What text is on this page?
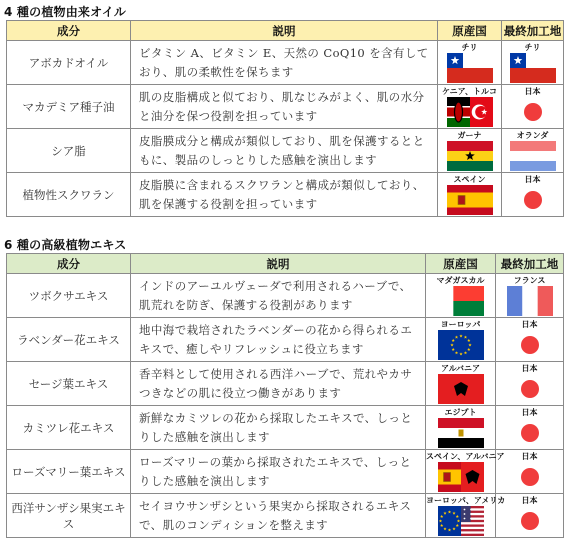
4 種の植物由来オイル
成分	説明	原産国	最終加工地
アボカドオイル	ビタミン A、ビタミン E、天然の CoQ10 を含有しており、肌の柔軟性を保ちます	チリ	チリ

マカデミア種子油	肌の皮脂構成と似ており、肌なじみがよく、肌の水分と油分を保つ役割を担っています	ケニア、トルコ	日本

シア脂	皮脂膜成分と構成が類似しており、肌を保護するとともに、製品のしっとりした感触を演出します	ガーナ	オランダ

植物性スクワラン	皮脂膜に含まれるスクワランと構成が類似しており、肌を保護する役割を担っています	スペイン	日本
6 種の高級植物エキス
成分	説明	原産国	最終加工地
ツボクサエキス	インドのアーユルヴェーダで利用されるハーブで、肌荒れを防ぎ、保護する役割があります	マダガスカル	フランス

ラベンダー花エキス	地中海で栽培されたラベンダーの花から得られるエキスで、癒しやリフレッシュに役立ちます	ヨーロッパ	日本

セージ葉エキス	香辛料として使用される西洋ハーブで、荒れやカサつきなどの肌に役立つ働きがあります	アルバニア	日本

カミツレ花エキス	新鮮なカミツレの花から採取したエキスで、しっとりした感触を演出します	エジプト	日本

ローズマリー葉エキス	ローズマリーの葉から採取されたエキスで、しっとりした感触を演出します	スペイン、アルバニア	日本

西洋サンザシ果実エキス	セイヨウサンザシという果実から採取されるエキスで、肌のコンディションを整えます	ヨーロッパ、アメリカ	日本
